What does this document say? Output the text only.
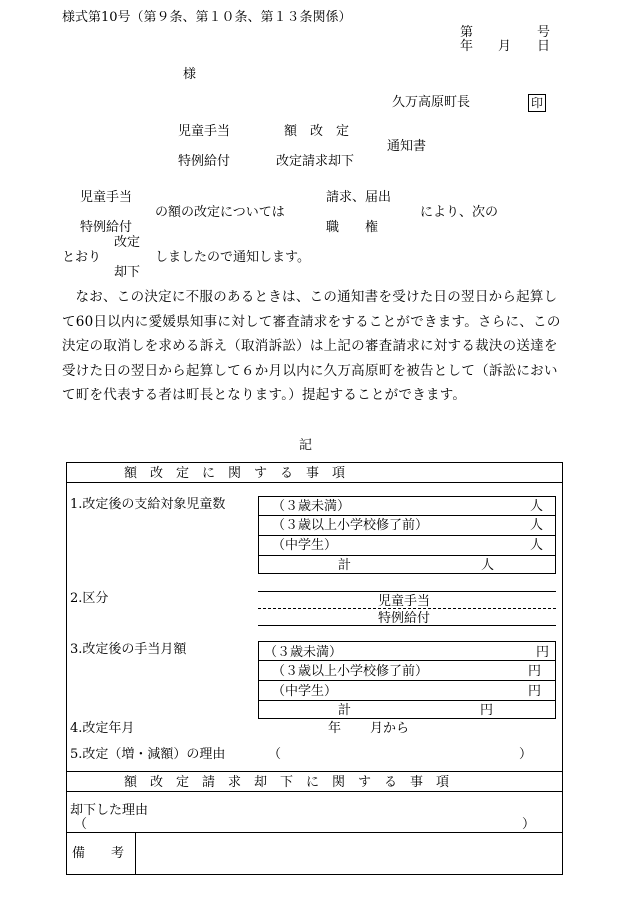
様式第10号（第９条、第１０条、第１３条関係）
第	号
年 月 日
様
久万高原町長	印
児童手当	額　改　定
通知書
特例給付	改定請求却下
児童手当	請求、届出
の額の改定については	により、次の
特例給付	職　　権
改定
とおり	しましたので通知します。
却下
なお、この決定に不服のあるときは、この通知書を受けた日の翌日から起算して60日以内に愛媛県知事に対して審査請求をすることができます。さらに、この決定の取消しを求める訴え（取消訴訟）は上記の審査請求に対する裁決の送達を受けた日の翌日から起算して６か月以内に久万高原町を被告として（訴訟において町を代表する者は町長となります。）提起することができます。
記
額　改　定　に　関　す　る　事　項
1.改定後の支給対象児童数	（３歳未満）	人
（３歳以上小学校修了前）	人
（中学生）	人
計	人
2.区分	児童手当
特例給付
3.改定後の手当月額	（３歳未満）	円
（３歳以上小学校修了前）	円
（中学生）	円
計	円
4.改定年月	年 月から
5.改定（増・減額）の理由	（	）
額　改　定　請　求　却　下　に　関　す　る　事　項
却下した理由
（	）
備　　考
